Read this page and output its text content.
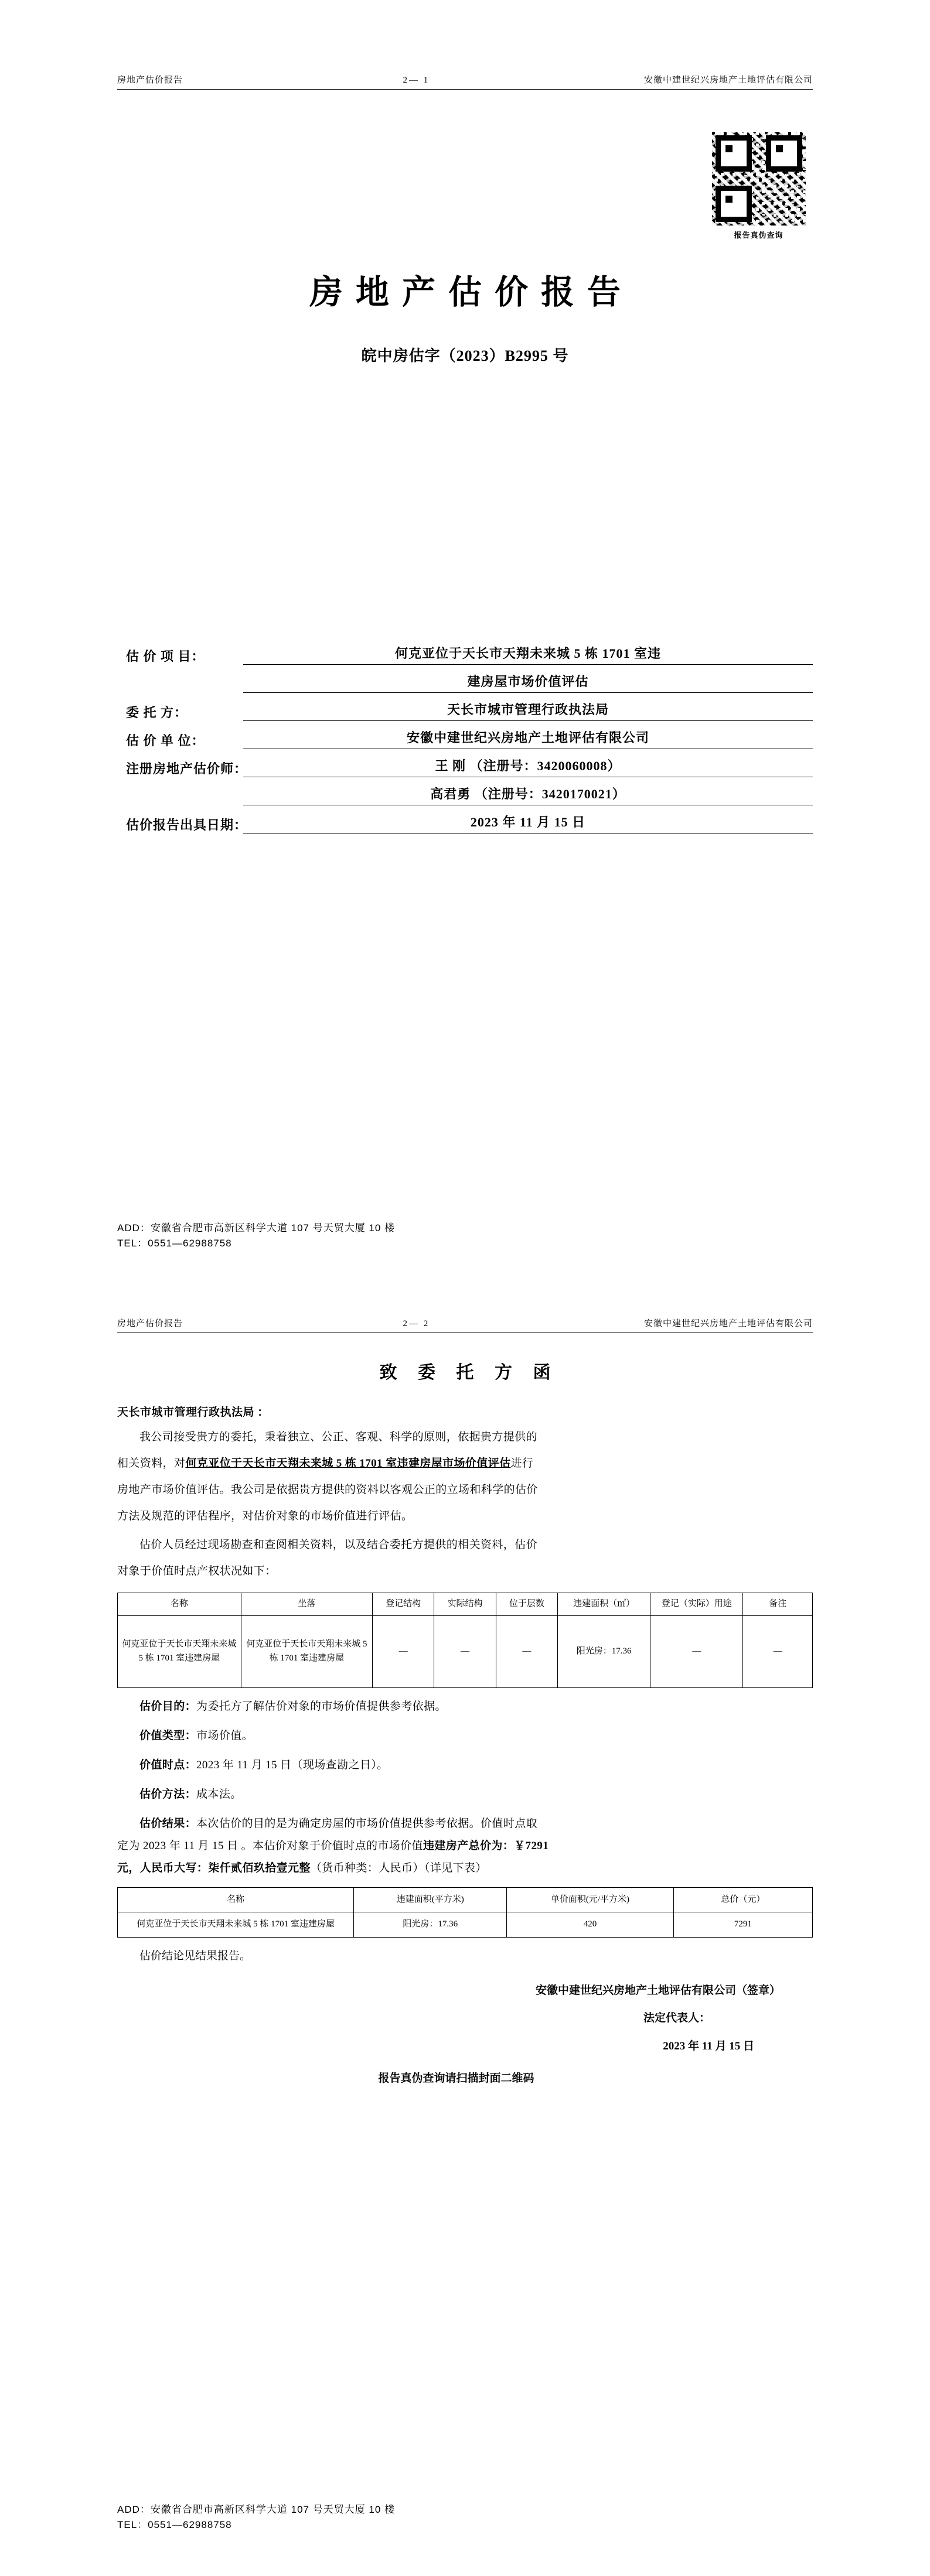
房地产估价报告	2— 1	安徽中建世纪兴房地产土地评估有限公司
报告真伪查询
房地产估价报告
皖中房估字（2023）B2995 号
估 价 项 目：	何克亚位于天长市天翔未来城 5 栋 1701 室违
建房屋市场价值评估
委 托 方：	天长市城市管理行政执法局
估 价 单 位：	安徽中建世纪兴房地产土地评估有限公司
注册房地产估价师：	王 刚 （注册号：3420060008）
高君勇 （注册号：3420170021）
估价报告出具日期：	2023 年 11 月 15 日
ADD：安徽省合肥市高新区科学大道 107 号天贸大厦 10 楼
TEL：0551—62988758
房地产估价报告	2— 2	安徽中建世纪兴房地产土地评估有限公司
致 委 托 方 函
天长市城市管理行政执法局 ：

我公司接受贵方的委托，秉着独立、公正、客观、科学的原则，依据贵方提供的

相关资料，对何克亚位于天长市天翔未来城 5 栋 1701 室违建房屋市场价值评估进行

房地产市场价值评估。我公司是依据贵方提供的资料以客观公正的立场和科学的估价

方法及规范的评估程序，对估价对象的市场价值进行评估。

估价人员经过现场勘查和查阅相关资料，以及结合委托方提供的相关资料，估价

对象于价值时点产权状况如下：

名称	坐落	登记结构	实际结构	位于层数	违建面积（㎡）	登记（实际）用途	备注
何克亚位于天长市天翔未来城 5 栋 1701 室违建房屋	何克亚位于天长市天翔未来城 5 栋 1701 室违建房屋	—	—	—	阳光房：17.36	—	—
估价目的：为委托方了解估价对象的市场价值提供参考依据。
价值类型：市场价值。
价值时点：2023 年 11 月 15 日（现场查勘之日）。
估价方法：成本法。
估价结果：本次估价的目的是为确定房屋的市场价值提供参考依据。价值时点取
定为 2023 年 11 月 15 日 。本估价对象于价值时点的市场价值违建房产总价为：￥7291
元，人民币大写：柒仟贰佰玖拾壹元整（货币种类：人民币）（详见下表）
名称	违建面积(平方米)	单价面积(元/平方米)	总价（元）
何克亚位于天长市天翔未来城 5 栋 1701 室违建房屋	阳光房：17.36	420	7291
估价结论见结果报告。
安徽中建世纪兴房地产土地评估有限公司（签章）
法定代表人：
2023 年 11 月 15 日
报告真伪查询请扫描封面二维码
ADD：安徽省合肥市高新区科学大道 107 号天贸大厦 10 楼
TEL：0551—62988758
